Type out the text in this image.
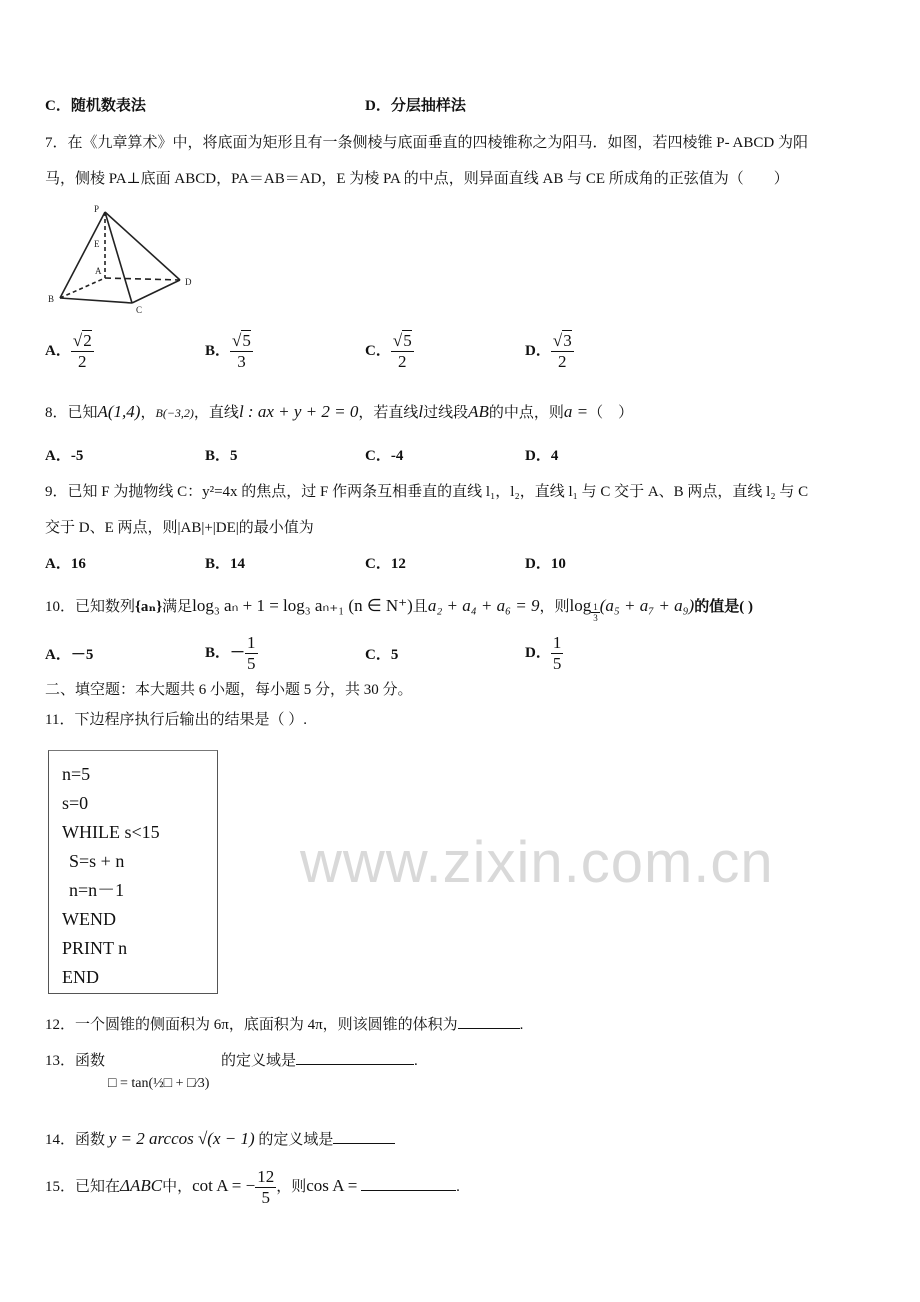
C．随机数表法	D．分层抽样法
7．在《九章算术》中，将底面为矩形且有一条侧棱与底面垂直的四棱锥称之为阳马．如图，若四棱锥 P- ABCD 为阳
马，侧棱 PA⊥底面 ABCD，PA＝AB＝AD，E 为棱 PA 的中点，则异面直线 AB 与 CE 所成角的正弦值为（　　）
P
E
A
B
C
D
A． $\frac{√2}{2}$	B． $\frac{√5}{3}$	C． $\frac{√5}{2}$	D． $\frac{√3}{2}$
8．已知A(1,4)，B(−3,2)，直线l : ax + y + 2 = 0，若直线l过线段AB的中点，则a =（　）
A．-5	B．5	C．-4	D．4
9．已知 F 为抛物线 C：y²=4x 的焦点，过 F 作两条互相垂直的直线 l₁，l₂，直线 l₁ 与 C 交于 A、B 两点，直线 l₂ 与 C
交于 D、E 两点，则|AB|+|DE|的最小值为
A．16	B．14	C．12	D．10
10．已知数列{aₙ}满足log₃ aₙ + 1 = log₃ aₙ₊₁ (n ∈ N⁺)且a₂ + a₄ + a₆ = 9，则$\log \frac{1}{3} (a_5 + a_7 + a_9)$的值是( )
A．－5	B．－ $\frac{1}{5}$	C．5	D． $\frac{1}{5}$
二、填空题：本大题共 6 小题，每小题 5 分，共 30 分。
11．下边程序执行后输出的结果是（ ）.
n=5
s=0
WHILE s<15
S=s + n
n=n－1
WEND
PRINT n
END
www.zixin.com.cn
12．一个圆锥的侧面积为 6π，底面积为 4π，则该圆锥的体积为	.
13．函数	的定义域是	.
□ = tan(½□ + □⁄3)
14．函数 y = 2 arccos √(x − 1) 的定义域是
15．已知在ΔABC中，cot A = − $\frac{12}{5}$ ，则cos A =	.
